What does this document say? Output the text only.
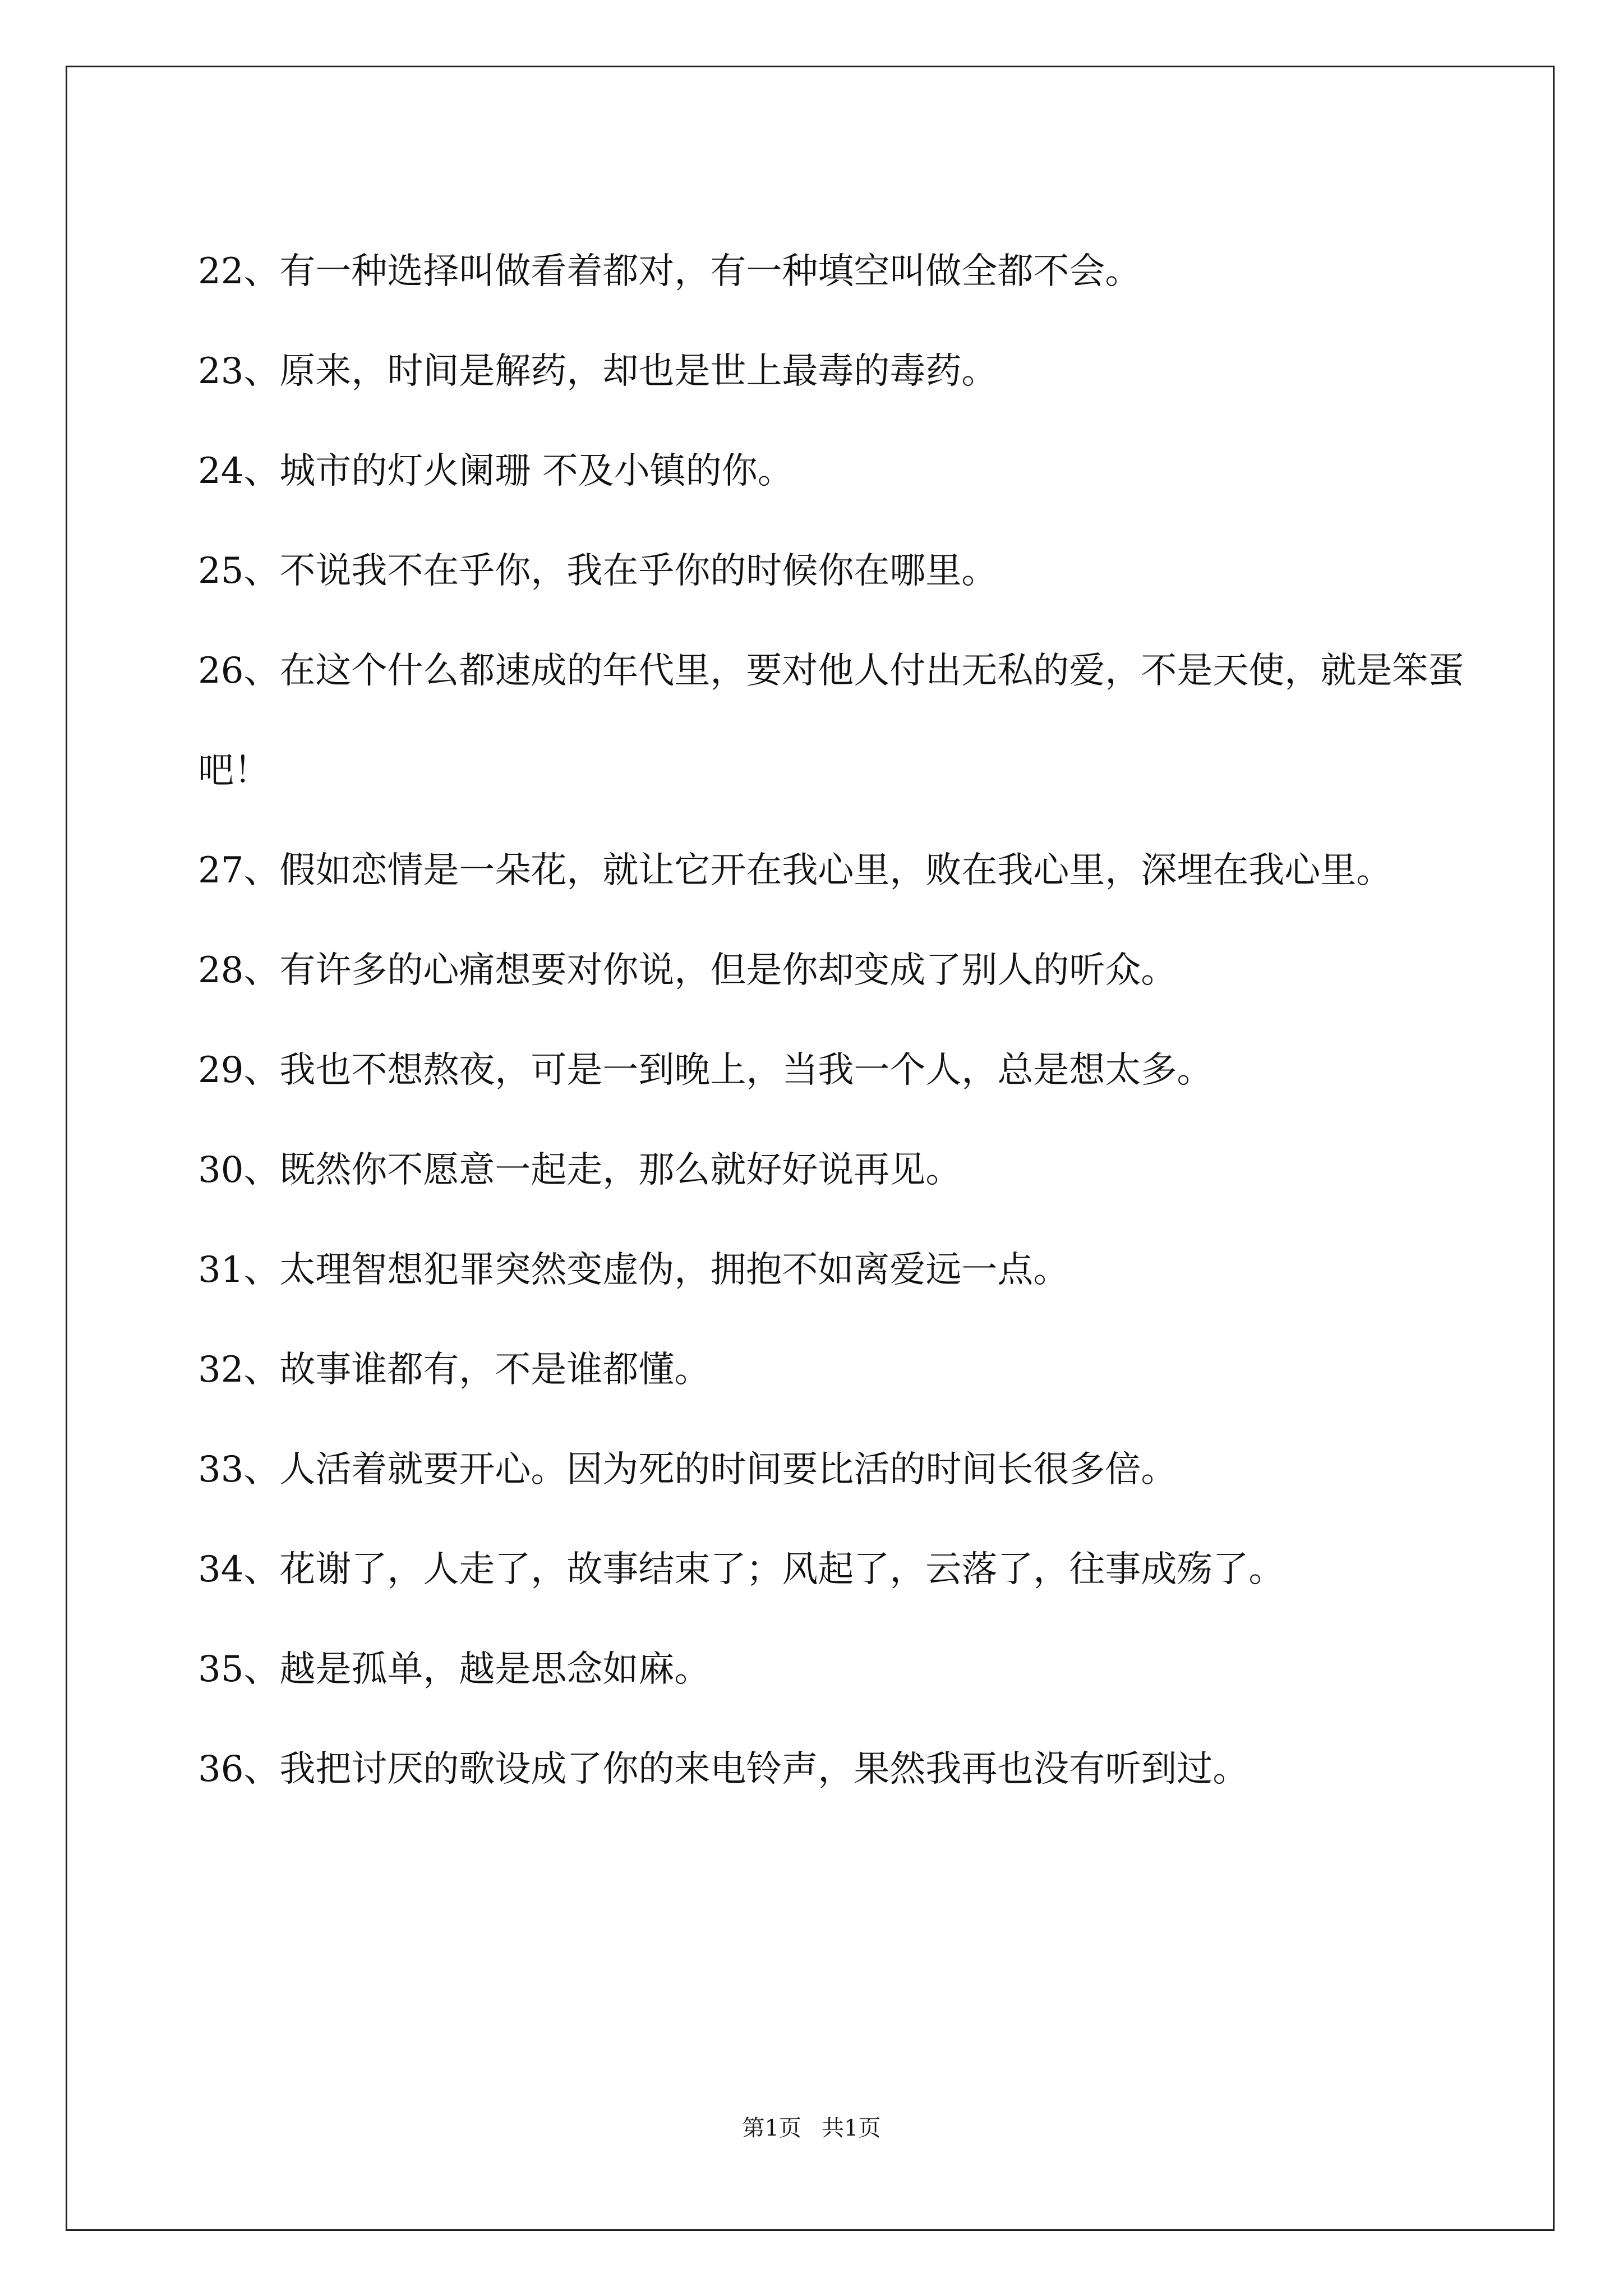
22、有一种选择叫做看着都对，有一种填空叫做全都不会。

23、原来，时间是解药，却也是世上最毒的毒药。

24、城市的灯火阑珊 不及小镇的你。

25、不说我不在乎你，我在乎你的时候你在哪里。

26、在这个什么都速成的年代里，要对他人付出无私的爱，不是天使，就是笨蛋吧！

27、假如恋情是一朵花，就让它开在我心里，败在我心里，深埋在我心里。

28、有许多的心痛想要对你说，但是你却变成了别人的听众。

29、我也不想熬夜，可是一到晚上，当我一个人，总是想太多。

30、既然你不愿意一起走，那么就好好说再见。

31、太理智想犯罪突然变虚伪，拥抱不如离爱远一点。

32、故事谁都有，不是谁都懂。

33、人活着就要开心。因为死的时间要比活的时间长很多倍。

34、花谢了，人走了，故事结束了；风起了，云落了，往事成殇了。

35、越是孤单，越是思念如麻。

36、我把讨厌的歌设成了你的来电铃声，果然我再也没有听到过。

第1页 共1页
